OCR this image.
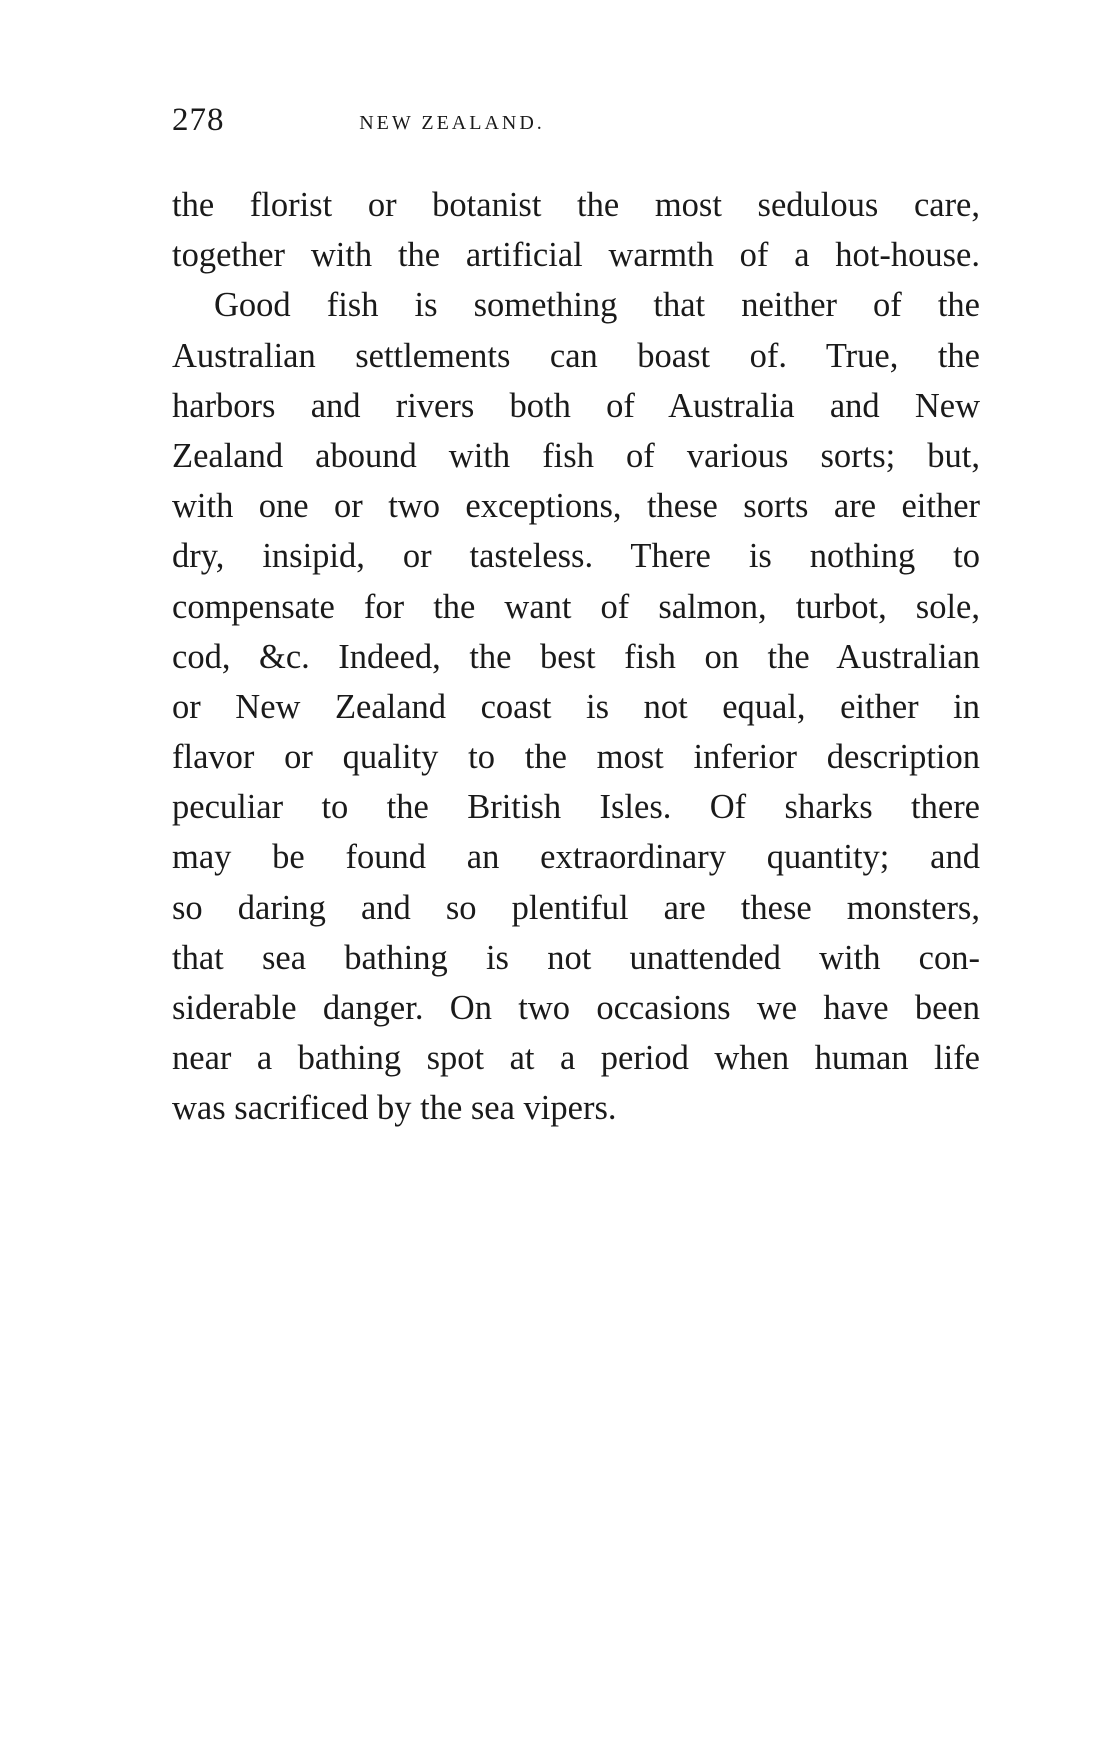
278	NEW ZEALAND.
the florist or botanist the most sedulous care,
together with the artificial warmth of a hot-house.
Good fish is something that neither of the
Australian settlements can boast of. True, the
harbors and rivers both of Australia and New
Zealand abound with fish of various sorts; but,
with one or two exceptions, these sorts are either
dry, insipid, or tasteless. There is nothing to
compensate for the want of salmon, turbot, sole,
cod, &c. Indeed, the best fish on the Australian
or New Zealand coast is not equal, either in
flavor or quality to the most inferior description
peculiar to the British Isles. Of sharks there
may be found an extraordinary quantity; and
so daring and so plentiful are these monsters,
that sea bathing is not unattended with con-
siderable danger. On two occasions we have been
near a bathing spot at a period when human life
was sacrificed by the sea vipers.
